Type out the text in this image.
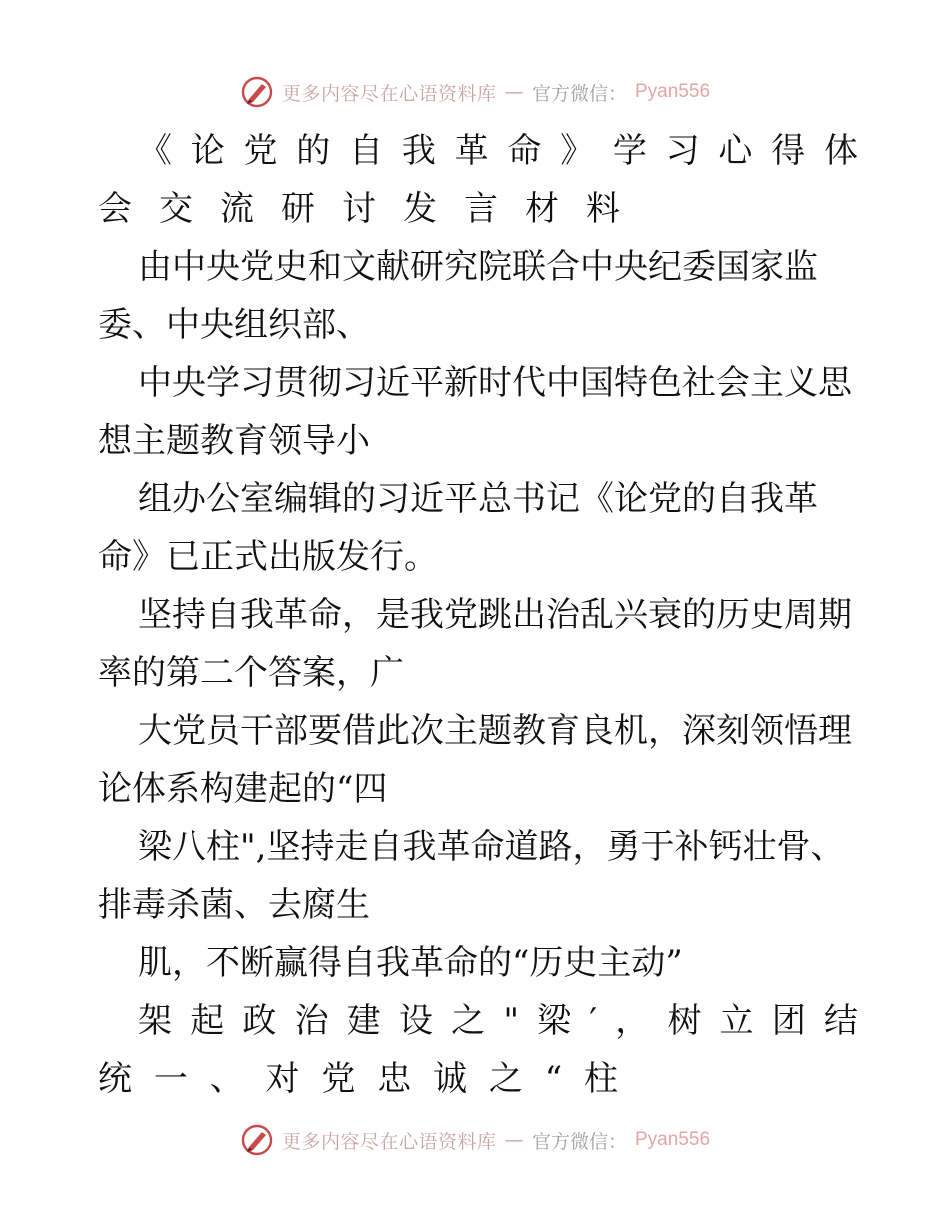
更多内容尽在心语资料库 — 官方微信： Pyan556
《 论 党 的 自 我 革 命 》 学 习 心 得 体
会 交 流 研 讨 发 言 材 料
由中央党史和文献研究院联合中央纪委国家监
委、中央组织部、
中央学习贯彻习近平新时代中国特色社会主义思
想主题教育领导小
组办公室编辑的习近平总书记《论党的自我革
命》已正式出版发行。
坚持自我革命，是我党跳出治乱兴衰的历史周期
率的第二个答案，广
大党员干部要借此次主题教育良机，深刻领悟理
论体系构建起的“四
梁八柱",坚持走自我革命道路，勇于补钙壮骨、
排毒杀菌、去腐生
肌，不断赢得自我革命的“历史主动”
架 起 政 治 建 设 之 " 梁 ′ ， 树 立 团 结
统 一 、 对 党 忠 诚 之 “ 柱
更多内容尽在心语资料库 — 官方微信： Pyan556
